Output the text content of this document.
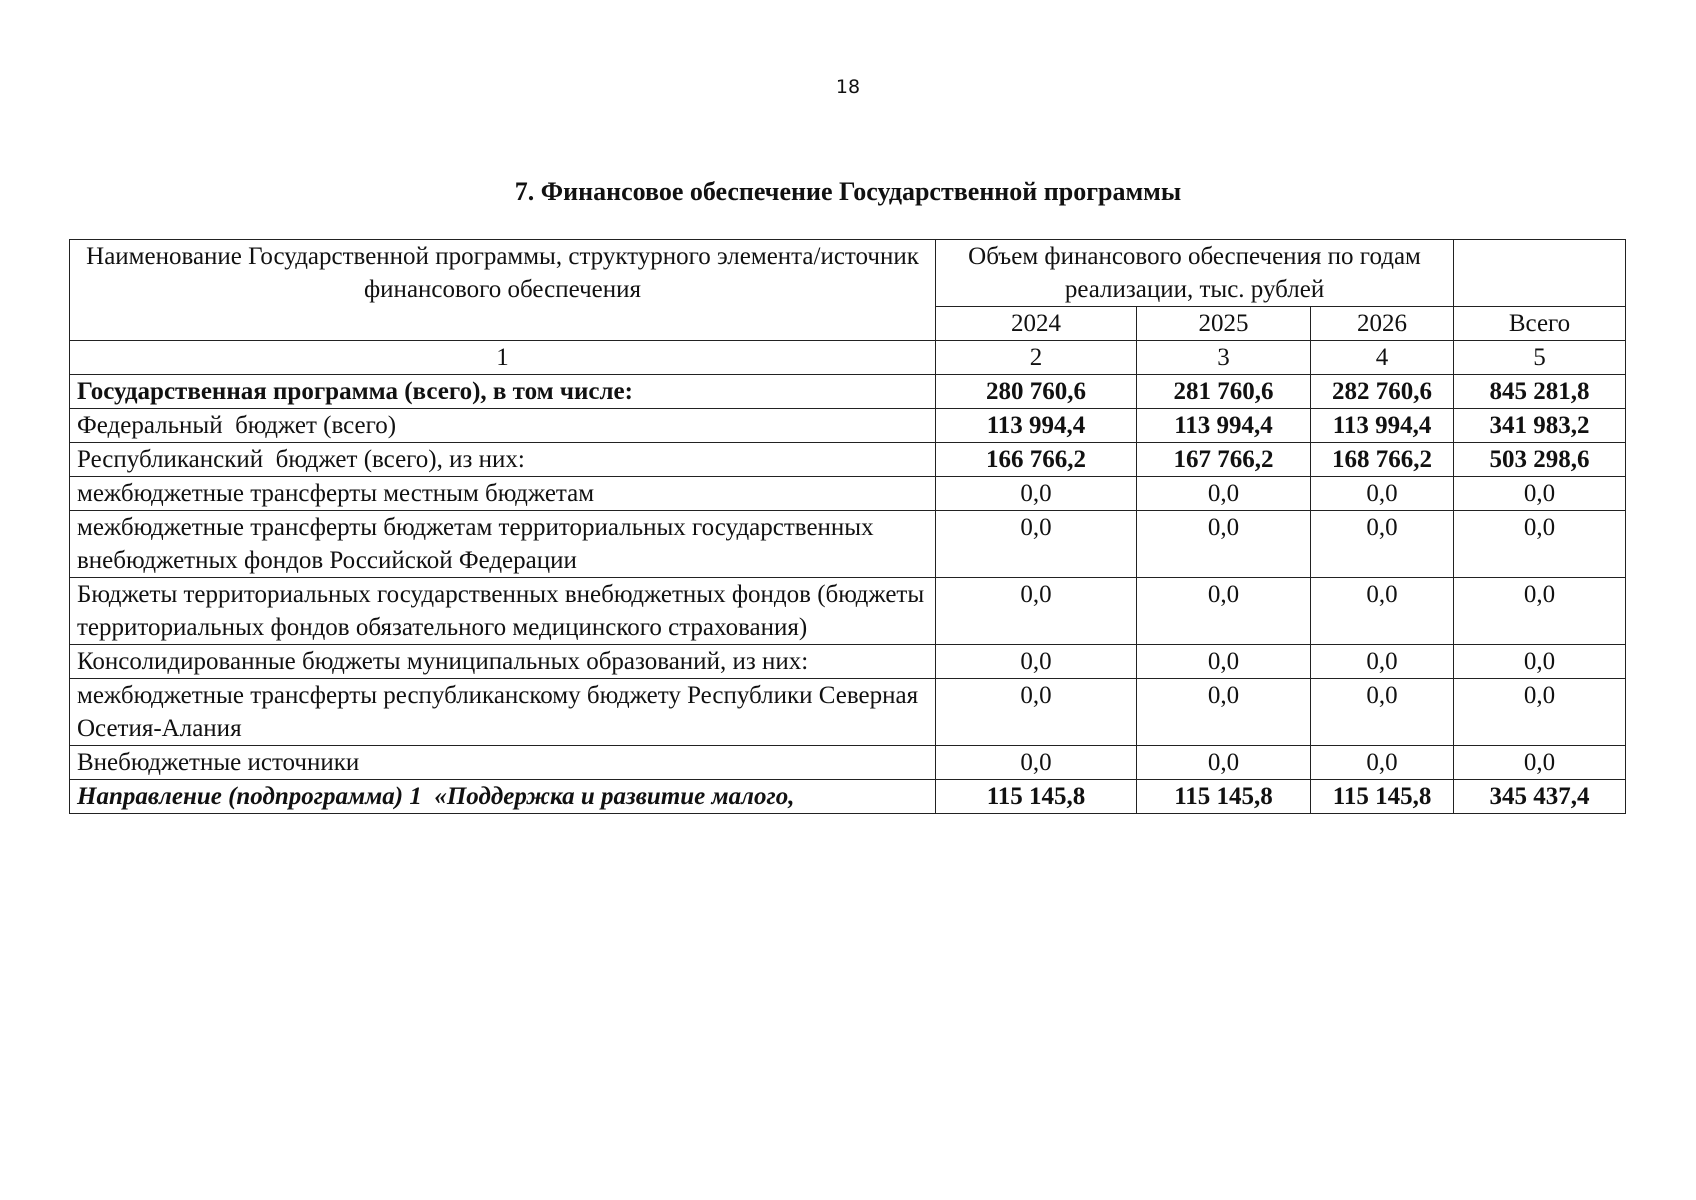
18
7. Финансовое обеспечение Государственной программы
Наименование Государственной программы, структурного элемента/источник финансового обеспечения	Объем финансового обеспечения по годам реализации, тыс. рублей			
	2024	2025	2026	Всего
1	2	3	4	5
Государственная программа (всего), в том числе:	280 760,6	281 760,6	282 760,6	845 281,8
Федеральный  бюджет (всего)	113 994,4	113 994,4	113 994,4	341 983,2
Республиканский  бюджет (всего), из них:	166 766,2	167 766,2	168 766,2	503 298,6
межбюджетные трансферты местным бюджетам	0,0	0,0	0,0	0,0
межбюджетные трансферты бюджетам территориальных государственных внебюджетных фондов Российской Федерации	0,0	0,0	0,0	0,0
Бюджеты территориальных государственных внебюджетных фондов (бюджеты территориальных фондов обязательного медицинского страхования)	0,0	0,0	0,0	0,0
Консолидированные бюджеты муниципальных образований, из них:	0,0	0,0	0,0	0,0
межбюджетные трансферты республиканскому бюджету Республики Северная Осетия-Алания	0,0	0,0	0,0	0,0
Внебюджетные источники	0,0	0,0	0,0	0,0
Направление (подпрограмма) 1  «Поддержка и развитие малого,	115 145,8	115 145,8	115 145,8	345 437,4
